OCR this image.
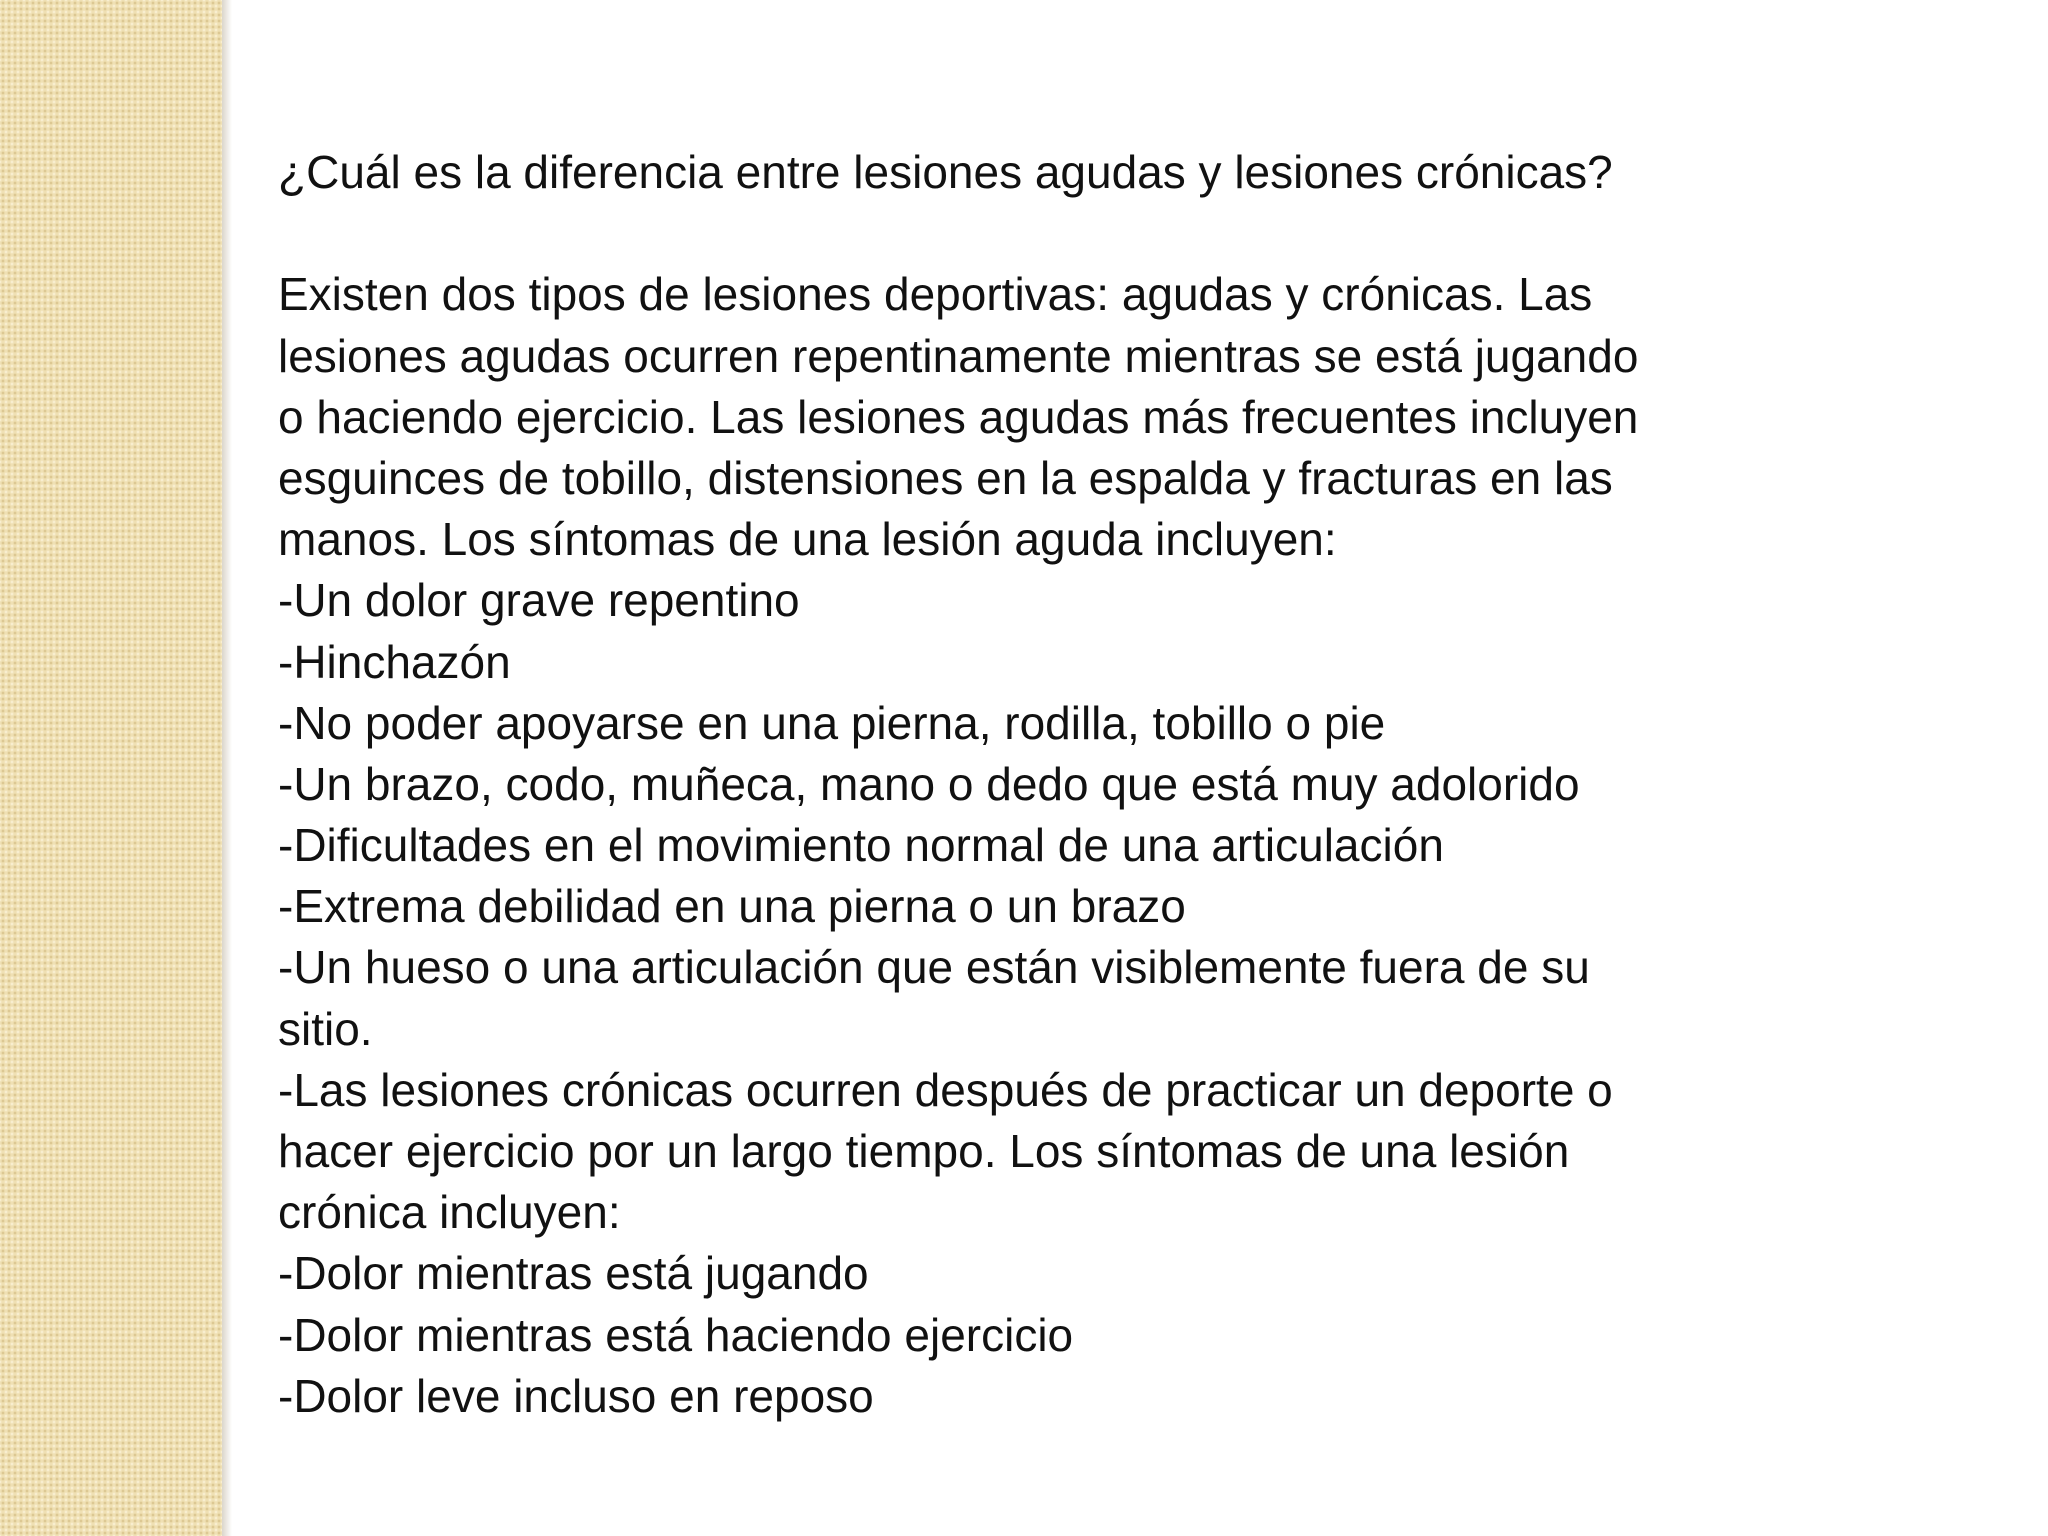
¿Cuál es la diferencia entre lesiones agudas y lesiones crónicas?
Existen dos tipos de lesiones deportivas: agudas y crónicas. Las
lesiones agudas ocurren repentinamente mientras se está jugando
o haciendo ejercicio. Las lesiones agudas más frecuentes incluyen
esguinces de tobillo, distensiones en la espalda y fracturas en las
manos. Los síntomas de una lesión aguda incluyen:
-Un dolor grave repentino
-Hinchazón
-No poder apoyarse en una pierna, rodilla, tobillo o pie
-Un brazo, codo, muñeca, mano o dedo que está muy adolorido
-Dificultades en el movimiento normal de una articulación
-Extrema debilidad en una pierna o un brazo
-Un hueso o una articulación que están visiblemente fuera de su
sitio.
-Las lesiones crónicas ocurren después de practicar un deporte o
hacer ejercicio por un largo tiempo. Los síntomas de una lesión
crónica incluyen:
-Dolor mientras está jugando
-Dolor mientras está haciendo ejercicio
-Dolor leve incluso en reposo
